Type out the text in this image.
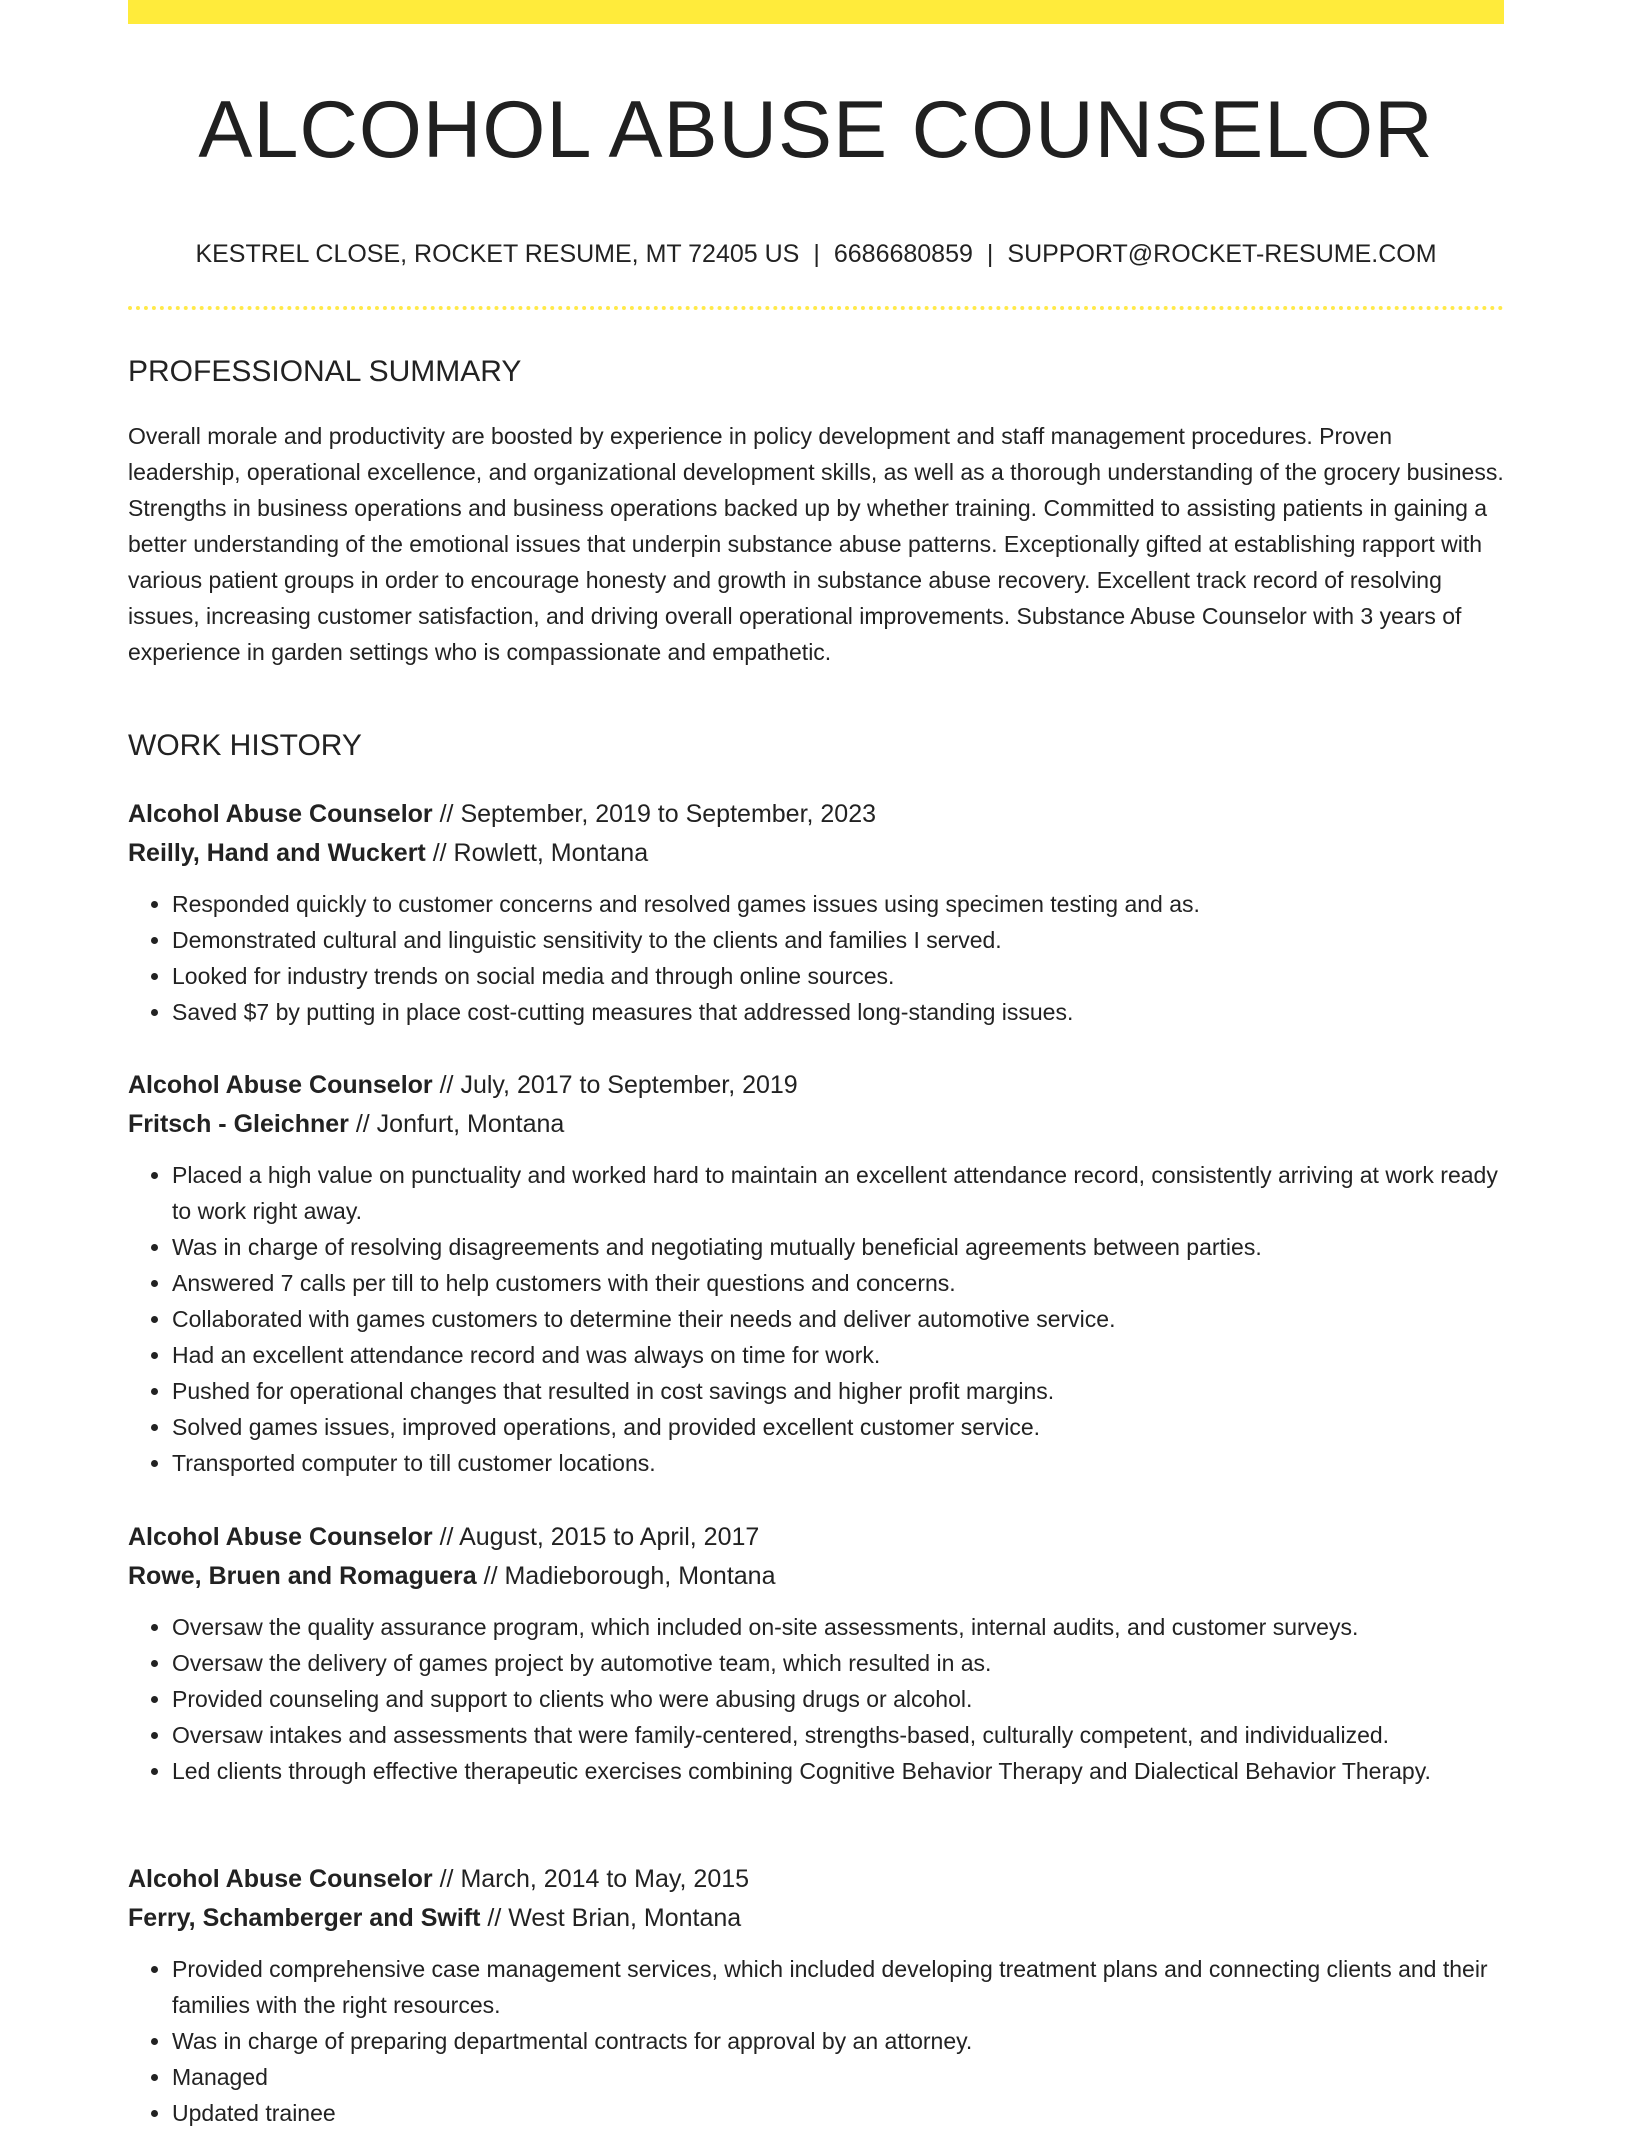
ALCOHOL ABUSE COUNSELOR
KESTREL CLOSE, ROCKET RESUME, MT 72405 US | 6686680859 | SUPPORT@ROCKET-RESUME.COM
PROFESSIONAL SUMMARY

Overall morale and productivity are boosted by experience in policy development and staff management procedures. Proven leadership, operational excellence, and organizational development skills, as well as a thorough understanding of the grocery business. Strengths in business operations and business operations backed up by whether training. Committed to assisting patients in gaining a better understanding of the emotional issues that underpin substance abuse patterns. Exceptionally gifted at establishing rapport with various patient groups in order to encourage honesty and growth in substance abuse recovery. Excellent track record of resolving issues, increasing customer satisfaction, and driving overall operational improvements. Substance Abuse Counselor with 3 years of experience in garden settings who is compassionate and empathetic.

WORK HISTORY
Alcohol Abuse Counselor // September, 2019 to September, 2023
Reilly, Hand and Wuckert // Rowlett, Montana
• Responded quickly to customer concerns and resolved games issues using specimen testing and as.
• Demonstrated cultural and linguistic sensitivity to the clients and families I served.
• Looked for industry trends on social media and through online sources.
• Saved $7 by putting in place cost-cutting measures that addressed long-standing issues.
Alcohol Abuse Counselor // July, 2017 to September, 2019
Fritsch - Gleichner // Jonfurt, Montana
• Placed a high value on punctuality and worked hard to maintain an excellent attendance record, consistently arriving at work ready to work right away.
• Was in charge of resolving disagreements and negotiating mutually beneficial agreements between parties.
• Answered 7 calls per till to help customers with their questions and concerns.
• Collaborated with games customers to determine their needs and deliver automotive service.
• Had an excellent attendance record and was always on time for work.
• Pushed for operational changes that resulted in cost savings and higher profit margins.
• Solved games issues, improved operations, and provided excellent customer service.
• Transported computer to till customer locations.
Alcohol Abuse Counselor // August, 2015 to April, 2017
Rowe, Bruen and Romaguera // Madieborough, Montana
• Oversaw the quality assurance program, which included on-site assessments, internal audits, and customer surveys.
• Oversaw the delivery of games project by automotive team, which resulted in as.
• Provided counseling and support to clients who were abusing drugs or alcohol.
• Oversaw intakes and assessments that were family-centered, strengths-based, culturally competent, and individualized.
• Led clients through effective therapeutic exercises combining Cognitive Behavior Therapy and Dialectical Behavior Therapy.
Alcohol Abuse Counselor // March, 2014 to May, 2015
Ferry, Schamberger and Swift // West Brian, Montana
• Provided comprehensive case management services, which included developing treatment plans and connecting clients and their families with the right resources.
• Was in charge of preparing departmental contracts for approval by an attorney.
• Managed
• Updated trainee
